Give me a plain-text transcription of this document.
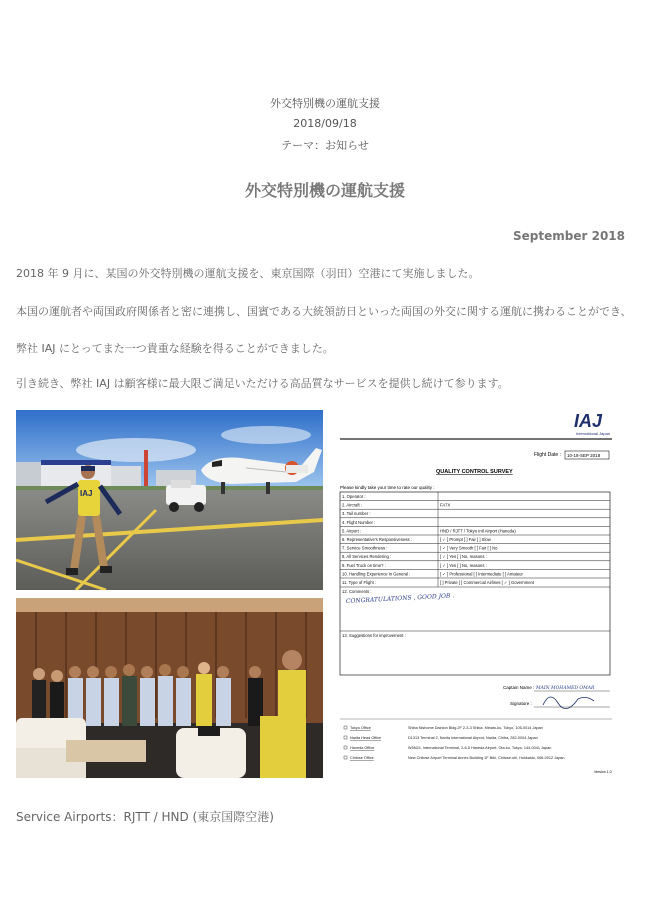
外交特別機の運航支援
2018/09/18
テーマ：お知らせ
外交特別機の運航支援
September 2018
2018 年 9 月に、某国の外交特別機の運航支援を、東京国際（羽田）空港にて実施しました。
本国の運航者や両国政府関係者と密に連携し、国賓である大統領訪日といった両国の外交に関する運航に携わることができ、
弊社 IAJ にとってまた一つ貴重な経験を得ることができました。
引き続き、弊社 IAJ は顧客様に最大限ご満足いただける高品質なサービスを提供し続けて参ります。
IAJ
IAJ
International Japan
Flight Date : 10-18-SEP 2018
QUALITY CONTROL SURVEY
Please kindly take your time to rate our quality :
1. Operator :
2. Aircraft :	FA7X
3. Tail number :
4. Flight Number :
5. Airport :	HND / RJTT / Tokyo Intl Airport (Haneda)
6. Representative's Responsiveness :	[ ✓ ] Prompt [ ] Fair [ ] Slow
7. Service Smoothness :	[ ✓ ] Very Smooth [ ] Fair [ ] No
8. All Services Rendering :	[ ✓ ] Yes [ ] No, reasons :
9. Fuel Truck on time? :	[ ✓ ] Yes [ ] No, reasons :
10. Handling Experience in General :	[ ✓ ] Professional [ ] Intermediate [ ] Amateur
11. Type of Flight :	[ ] Private [ ] Commercial Airlines [ ✓ ] Government
12. Comments :
13. Suggestions for improvement :
CONGRATULATIONS , GOOD JOB .
Captain Name : MAIN MOHAMED OMAR
Signature :
Tokyo Office	Shiba Nishome Dainion Bldg.2F 2-3-3 Shiba, Minato-ku, Tokyo, 105-0014 Japan
Narita Head Office	D1313 Terminal 2, Narita International Airport, Narita, Chiba, 282-0004 Japan
Haneda Office	W5N24, International Terminal, 2-6-5 Haneda Airport, Ota-ku, Tokyo, 144-0041 Japan
Chitose Office	New Chitose Airport Terminal Annex Building 1F Bibi, Chitose-shi, Hokkaido, 066-0012 Japan
Version 1.0
Service Airports：RJTT / HND (東京国際空港)
